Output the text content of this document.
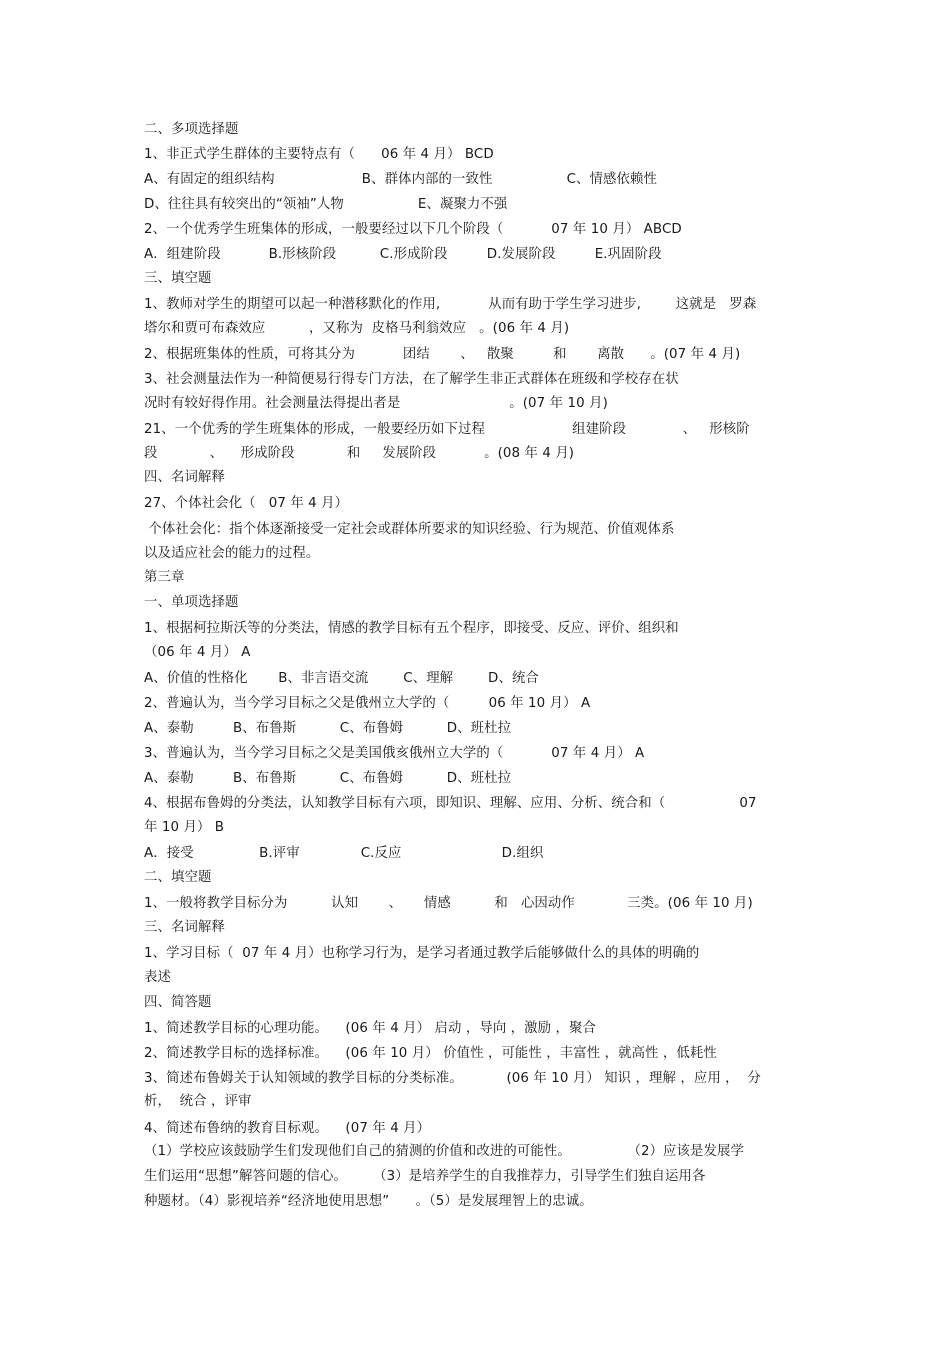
二、多项选择题
1、非正式学生群体的主要特点有（      06 年 4 月） BCD
A、有固定的组织结构                    B、群体内部的一致性                 C、情感依赖性
D、往往具有较突出的“领袖”人物                 E、凝聚力不强
2、一个优秀学生班集体的形成，一般要经过以下几个阶段（           07 年 10 月） ABCD
A．组建阶段           B.形核阶段          C.形成阶段         D.发展阶段         E.巩固阶段
三、填空题
1、教师对学生的期望可以起一种潜移默化的作用,           从而有助于学生学习进步,        这就是   罗森
塔尔和贾可布森效应          ，又称为  皮格马利翁效应   。(06 年 4 月)
2、根据班集体的性质，可将其分为           团结       、   散聚         和       离散      。(07 年 4 月)
3、社会测量法作为一种简便易行得专门方法，在了解学生非正式群体在班级和学校存在状
况时有较好得作用。社会测量法得提出者是                         。(07 年 10 月)
21、一个优秀的学生班集体的形成，一般要经历如下过程                    组建阶段             、   形核阶
段            、    形成阶段            和     发展阶段           。(08 年 4 月)
四、名词解释
27、个体社会化（   07 年 4 月）
个体社会化：指个体逐渐接受一定社会或群体所要求的知识经验、行为规范、价值观体系
以及适应社会的能力的过程。
第三章
一、单项选择题
1、根据柯拉斯沃等的分类法，情感的教学目标有五个程序，即接受、反应、评价、组织和
（06 年 4 月） A
A、价值的性格化       B、非言语交流        C、理解        D、统合
2、普遍认为，当今学习目标之父是俄州立大学的（         06 年 10 月） A
A、泰勒         B、布鲁斯          C、布鲁姆          D、班杜拉
3、普遍认为，当今学习目标之父是美国俄亥俄州立大学的（           07 年 4 月） A
A、泰勒         B、布鲁斯          C、布鲁姆          D、班杜拉
4、根据布鲁姆的分类法，认知教学目标有六项，即知识、理解、应用、分析、统合和（                 07
年 10 月） B
A．接受               B.评审              C.反应                       D.组织
二、填空题
1、一般将教学目标分为          认知       、     情感          和   心因动作            三类。(06 年 10 月)
三、名词解释
1、学习目标（  07 年 4 月）也称学习行为，是学习者通过教学后能够做什么的具体的明确的
表述
四、简答题
1、简述教学目标的心理功能。    (06 年 4 月） 启动 ，导向 ，激励 ，聚合
2、简述教学目标的选择标准。    (06 年 10 月） 价值性 ，可能性 ，丰富性 ，就高性 ，低耗性
3、简述布鲁姆关于认知领域的教学目标的分类标准。          (06 年 10 月） 知识 ，理解 ，应用 ，  分
析，  统合 ，评审
4、简述布鲁纳的教育目标观。    (07 年 4 月）
（1）学校应该鼓励学生们发现他们自己的猜测的价值和改进的可能性。             （2）应该是发展学
生们运用“思想”解答问题的信心。      （3）是培养学生的自我推荐力，引导学生们独自运用各
种题材。（4）影视培养“经济地使用思想”      。（5）是发展理智上的忠诚。
